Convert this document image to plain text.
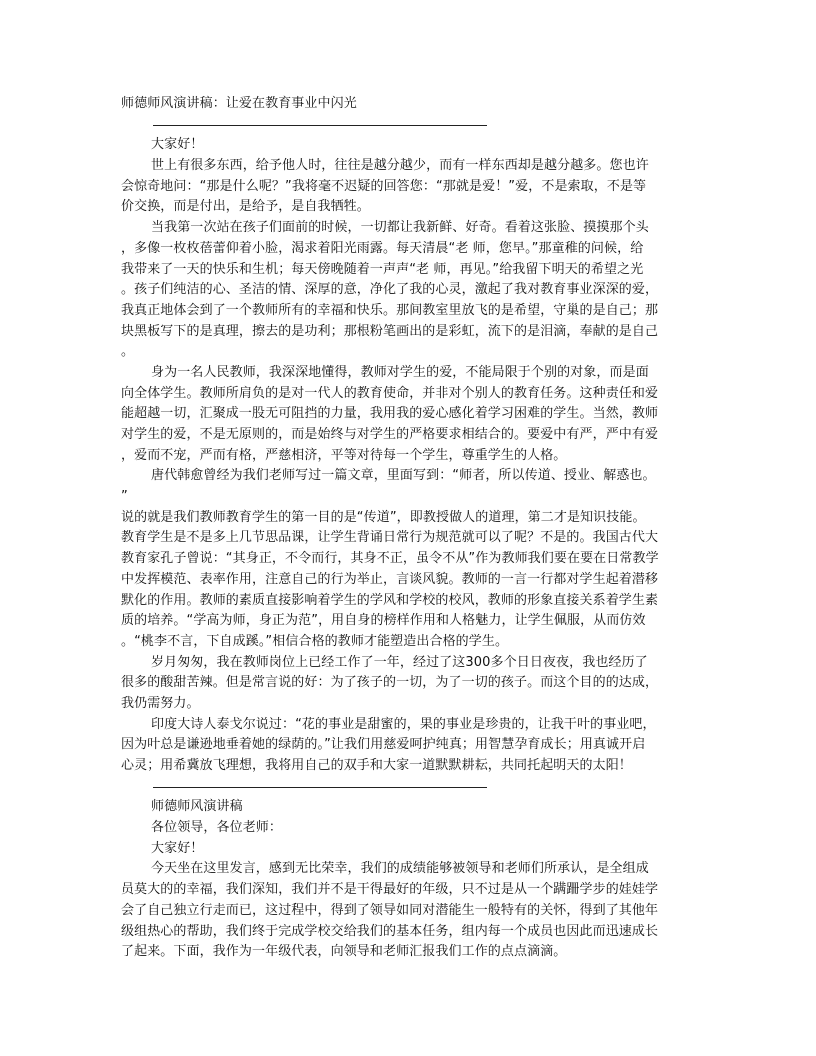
师德师风演讲稿：让爱在教育事业中闪光
大家好！
世上有很多东西，给予他人时，往往是越分越少，而有一样东西却是越分越多。您也许
会惊奇地问：“那是什么呢？”我将毫不迟疑的回答您：“那就是爱！”爱，不是索取，不是等
价交换，而是付出，是给予，是自我牺牲。
当我第一次站在孩子们面前的时候，一切都让我新鲜、好奇。看着这张脸、摸摸那个头
，多像一枚枚蓓蕾仰着小脸，渴求着阳光雨露。每天清晨“老 师，您早。”那童稚的问候，给
我带来了一天的快乐和生机；每天傍晚随着一声声“老 师，再见。”给我留下明天的希望之光
。孩子们纯洁的心、圣洁的情、深厚的意，净化了我的心灵，激起了我对教育事业深深的爱，
我真正地体会到了一个教师所有的幸福和快乐。那间教室里放飞的是希望，守巢的是自己；那
块黑板写下的是真理，擦去的是功利；那根粉笔画出的是彩虹，流下的是泪滴，奉献的是自己
。
身为一名人民教师，我深深地懂得，教师对学生的爱，不能局限于个别的对象，而是面
向全体学生。教师所肩负的是对一代人的教育使命，并非对个别人的教育任务。这种责任和爱
能超越一切，汇聚成一股无可阻挡的力量，我用我的爱心感化着学习困难的学生。当然，教师
对学生的爱，不是无原则的，而是始终与对学生的严格要求相结合的。要爱中有严，严中有爱
，爱而不宠，严而有格，严慈相济，平等对待每一个学生，尊重学生的人格。
唐代韩愈曾经为我们老师写过一篇文章，里面写到：“师者，所以传道、授业、解惑也。
”
说的就是我们教师教育学生的第一目的是“传道”，即教授做人的道理，第二才是知识技能。
教育学生是不是多上几节思品课，让学生背诵日常行为规范就可以了呢？不是的。我国古代大
教育家孔子曾说：“其身正，不令而行，其身不正，虽令不从”作为教师我们要在要在日常教学
中发挥模范、表率作用，注意自己的行为举止，言谈风貌。教师的一言一行都对学生起着潜移
默化的作用。教师的素质直接影响着学生的学风和学校的校风，教师的形象直接关系着学生素
质的培养。“学高为师，身正为范”，用自身的榜样作用和人格魅力，让学生佩服，从而仿效
。“桃李不言，下自成蹊。”相信合格的教师才能塑造出合格的学生。
岁月匆匆，我在教师岗位上已经工作了一年，经过了这300多个日日夜夜，我也经历了
很多的酸甜苦辣。但是常言说的好：为了孩子的一切，为了一切的孩子。而这个目的的达成，
我仍需努力。
印度大诗人泰戈尔说过：“花的事业是甜蜜的，果的事业是珍贵的，让我干叶的事业吧，
因为叶总是谦逊地垂着她的绿荫的。”让我们用慈爱呵护纯真；用智慧孕育成长；用真诚开启
心灵；用希冀放飞理想，我将用自己的双手和大家一道默默耕耘，共同托起明天的太阳！
师德师风演讲稿
各位领导，各位老师：
大家好！
今天坐在这里发言，感到无比荣幸，我们的成绩能够被领导和老师们所承认，是全组成
员莫大的的幸福，我们深知，我们并不是干得最好的年级，只不过是从一个蹒跚学步的娃娃学
会了自己独立行走而已，这过程中，得到了领导如同对潜能生一般特有的关怀，得到了其他年
级组热心的帮助，我们终于完成学校交给我们的基本任务，组内每一个成员也因此而迅速成长
了起来。下面，我作为一年级代表，向领导和老师汇报我们工作的点点滴滴。
